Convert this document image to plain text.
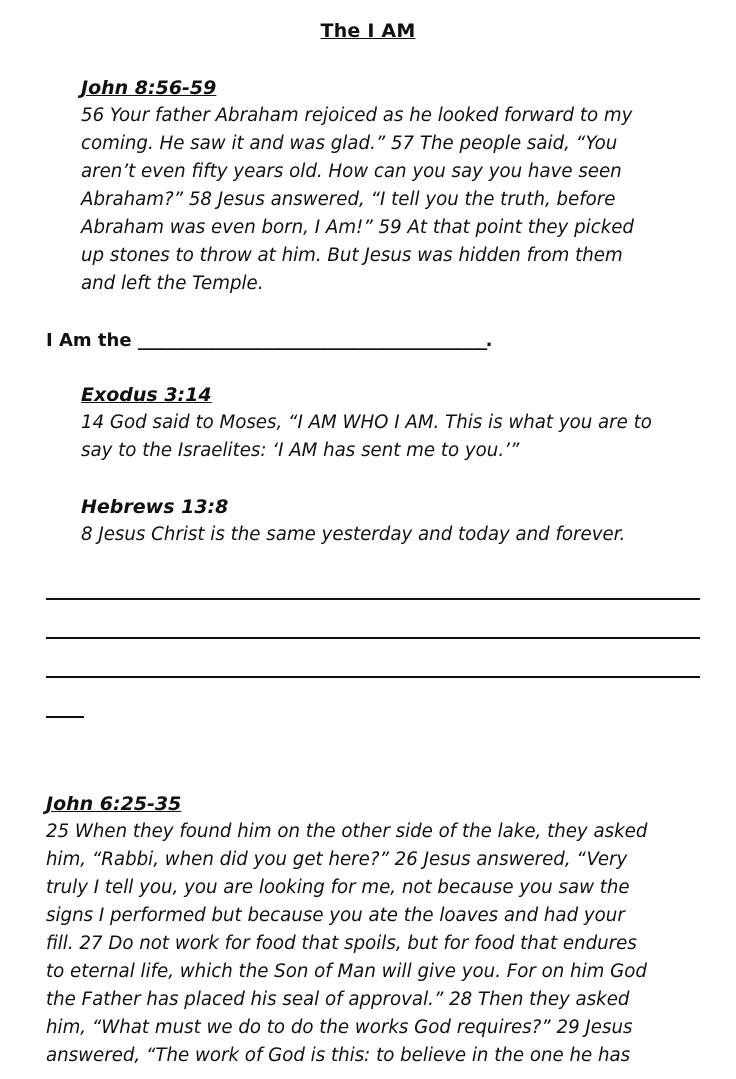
The I AM
John 8:56-59
56 Your father Abraham rejoiced as he looked forward to my
coming. He saw it and was glad.” 57 The people said, “You
aren’t even fifty years old. How can you say you have seen
Abraham?” 58 Jesus answered, “I tell you the truth, before
Abraham was even born, I Am!” 59 At that point they picked
up stones to throw at him. But Jesus was hidden from them
and left the Temple.
I Am the _______________________________________________.
Exodus 3:14
14 God said to Moses, “I AM WHO I AM. This is what you are to
say to the Israelites: ‘I AM has sent me to you.’”
Hebrews 13:8
8 Jesus Christ is the same yesterday and today and forever.
John 6:25-35
25 When they found him on the other side of the lake, they asked
him, “Rabbi, when did you get here?” 26 Jesus answered, “Very
truly I tell you, you are looking for me, not because you saw the
signs I performed but because you ate the loaves and had your
fill. 27 Do not work for food that spoils, but for food that endures
to eternal life, which the Son of Man will give you. For on him God
the Father has placed his seal of approval.” 28 Then they asked
him, “What must we do to do the works God requires?” 29 Jesus
answered, “The work of God is this: to believe in the one he has
